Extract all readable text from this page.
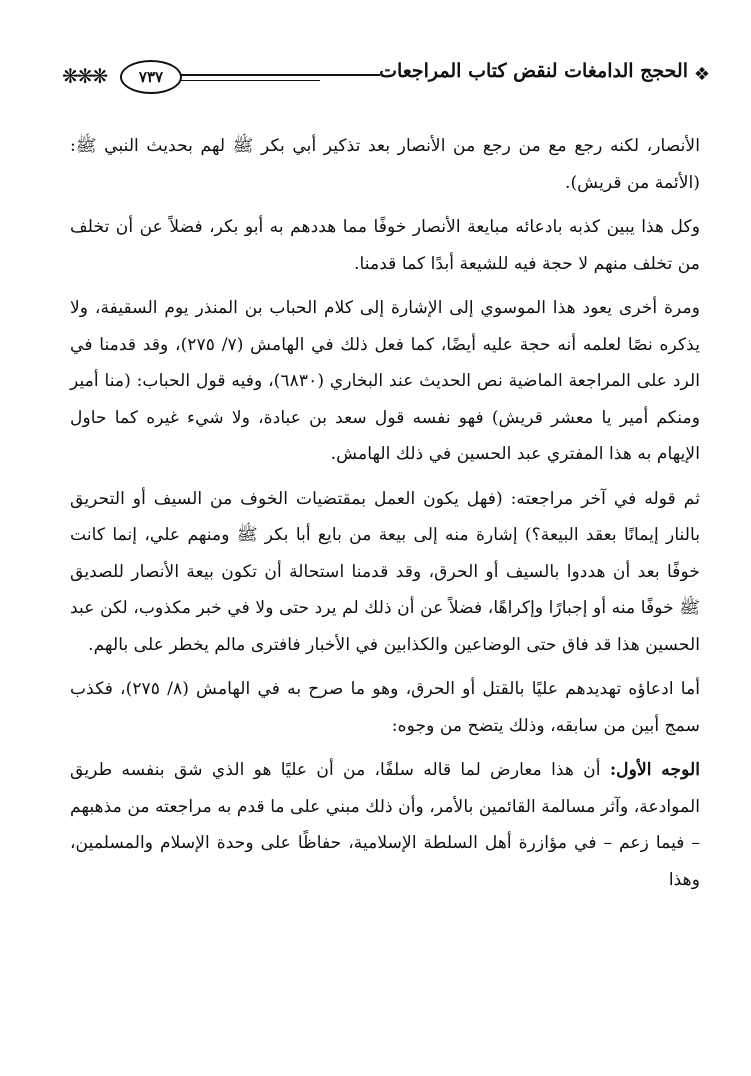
❋❋❋ ٧٣٧	الحجج الدامغات لنقض كتاب المراجعات ❖

الأنصار، لكنه رجع مع من رجع من الأنصار بعد تذكير أبي بكر ﷺ لهم بحديث النبي ﷺ: (الأئمة من قريش).

وكل هذا يبين كذبه بادعائه مبايعة الأنصار خوفًا مما هددهم به أبو بكر، فضلاً عن أن تخلف من تخلف منهم لا حجة فيه للشيعة أبدًا كما قدمنا.

ومرة أخرى يعود هذا الموسوي إلى الإشارة إلى كلام الحباب بن المنذر يوم السقيفة، ولا يذكره نصًا لعلمه أنه حجة عليه أيضًا، كما فعل ذلك في الهامش (٧/ ٢٧٥)، وقد قدمنا في الرد على المراجعة الماضية نص الحديث عند البخاري (٦٨٣٠)، وفيه قول الحباب: (منا أمير ومنكم أمير يا معشر قريش) فهو نفسه قول سعد بن عبادة، ولا شيء غيره كما حاول الإيهام به هذا المفتري عبد الحسين في ذلك الهامش.

ثم قوله في آخر مراجعته: (فهل يكون العمل بمقتضيات الخوف من السيف أو التحريق بالنار إيمانًا بعقد البيعة؟) إشارة منه إلى بيعة من بايع أبا بكر ﷺ ومنهم علي، إنما كانت خوفًا بعد أن هددوا بالسيف أو الحرق، وقد قدمنا استحالة أن تكون بيعة الأنصار للصديق ﷺ خوفًا منه أو إجبارًا وإكراهًا، فضلاً عن أن ذلك لم يرد حتى ولا في خبر مكذوب، لكن عبد الحسين هذا قد فاق حتى الوضاعين والكذابين في الأخبار فافترى مالم يخطر على بالهم.

أما ادعاؤه تهديدهم عليًا بالقتل أو الحرق، وهو ما صرح به في الهامش (٨/ ٢٧٥)، فكذب سمج أبين من سابقه، وذلك يتضح من وجوه:

الوجه الأول: أن هذا معارض لما قاله سلفًا، من أن عليًا هو الذي شق بنفسه طريق الموادعة، وآثر مسالمة القائمين بالأمر، وأن ذلك مبني على ما قدم به مراجعته من مذهبهم – فيما زعم – في مؤازرة أهل السلطة الإسلامية، حفاظًا على وحدة الإسلام والمسلمين، وهذا
